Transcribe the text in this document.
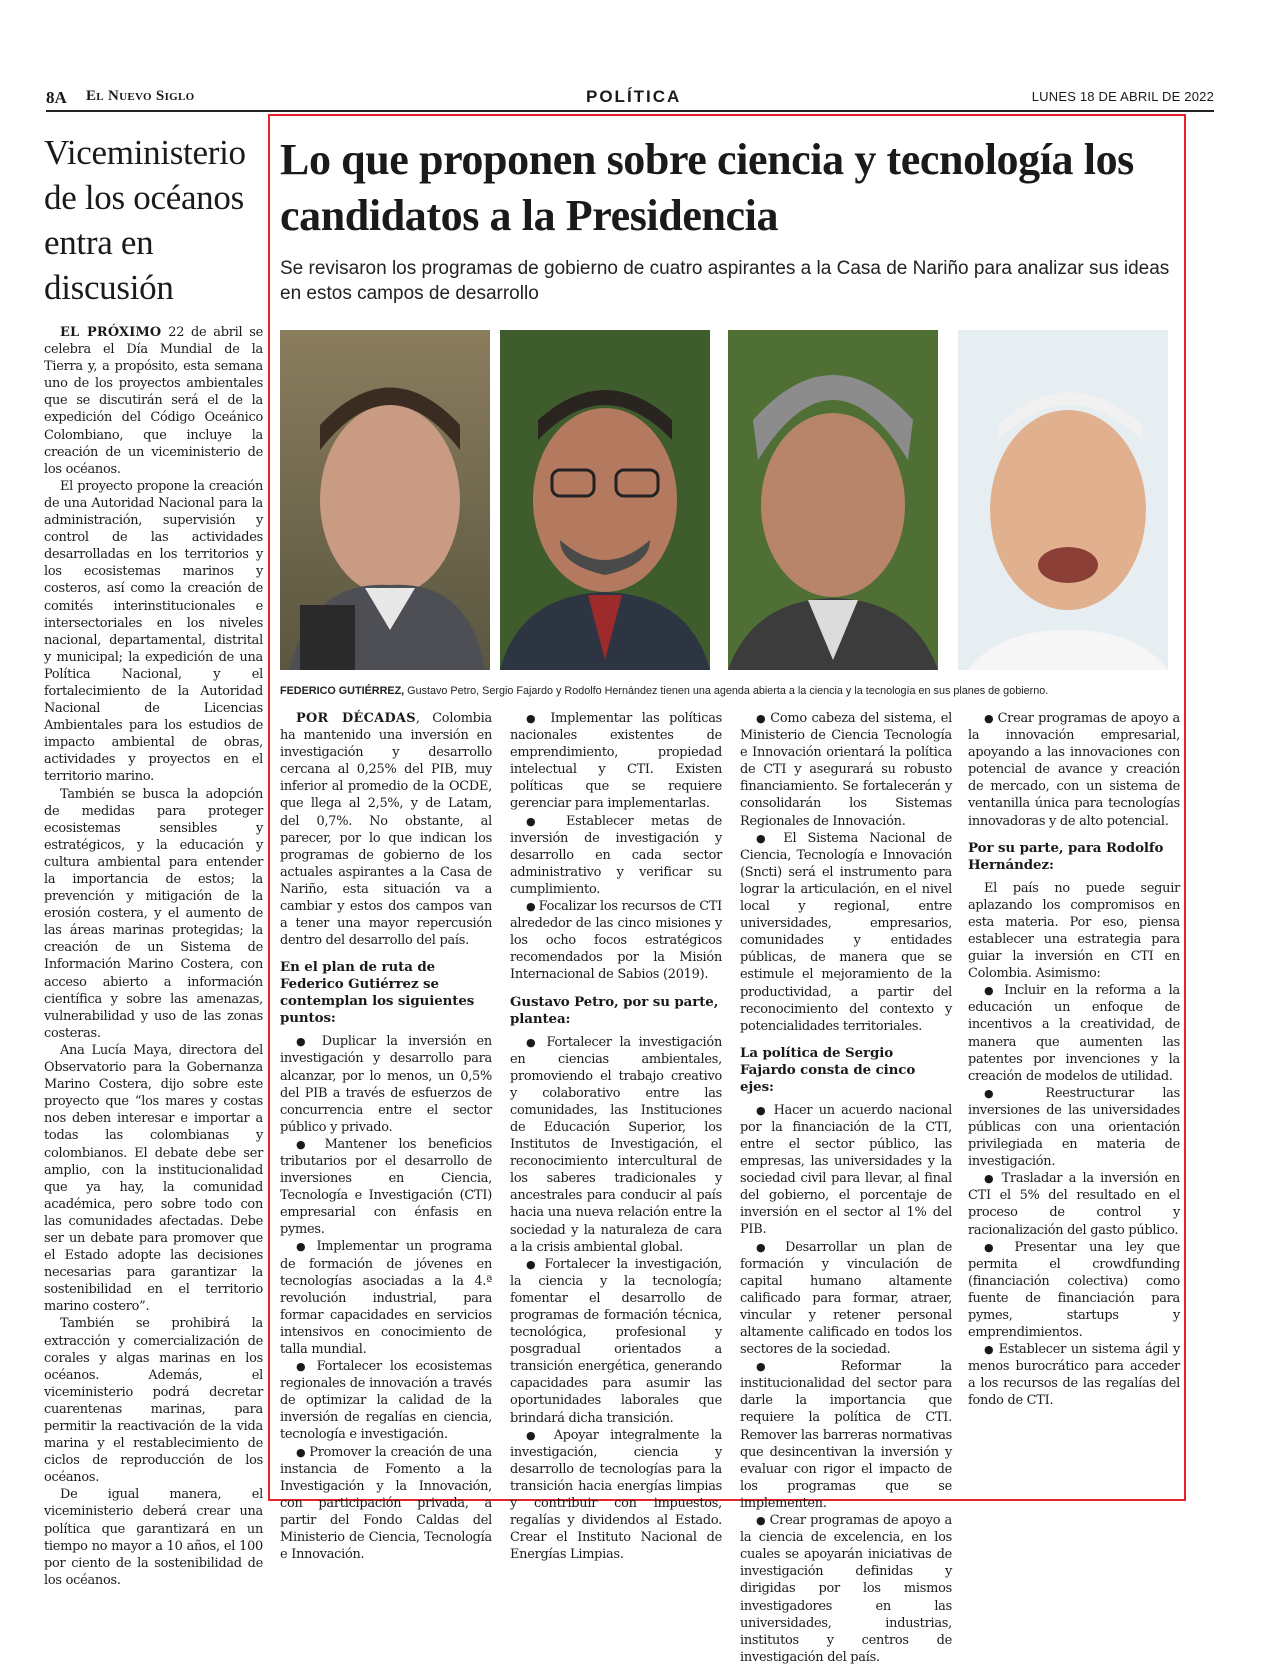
8A El Nuevo Siglo	POLÍTICA	LUNES 18 DE ABRIL DE 2022
Viceministerio de los océanos entra en discusión

EL PRÓXIMO 22 de abril se celebra el Día Mundial de la Tierra y, a propósito, esta semana uno de los proyectos ambientales que se discutirán será el de la expedición del Código Oceánico Colombiano, que incluye la creación de un viceministerio de los océanos.

El proyecto propone la creación de una Autoridad Nacional para la administración, supervisión y control de las actividades desarrolladas en los territorios y los ecosistemas marinos y costeros, así como la creación de comités interinstitucionales e intersectoriales en los niveles nacional, departamental, distrital y municipal; la expedición de una Política Nacional, y el fortalecimiento de la Autoridad Nacional de Licencias Ambientales para los estudios de impacto ambiental de obras, actividades y proyectos en el territorio marino.

También se busca la adopción de medidas para proteger ecosistemas sensibles y estratégicos, y la educación y cultura ambiental para entender la importancia de estos; la prevención y mitigación de la erosión costera, y el aumento de las áreas marinas protegidas; la creación de un Sistema de Información Marino Costera, con acceso abierto a información científica y sobre las amenazas, vulnerabilidad y uso de las zonas costeras.

Ana Lucía Maya, directora del Observatorio para la Gobernanza Marino Costera, dijo sobre este proyecto que “los mares y costas nos deben interesar e importar a todas las colombianas y colombianos. El debate debe ser amplio, con la institucionalidad que ya hay, la comunidad académica, pero sobre todo con las comunidades afectadas. Debe ser un debate para promover que el Estado adopte las decisiones necesarias para garantizar la sostenibilidad en el territorio marino costero”.

También se prohibirá la extracción y comercialización de corales y algas marinas en los océanos. Además, el viceministerio podrá decretar cuarentenas marinas, para permitir la reactivación de la vida marina y el restablecimiento de ciclos de reproducción de los océanos.

De igual manera, el viceministerio deberá crear una política que garantizará en un tiempo no mayor a 10 años, el 100 por ciento de la sostenibilidad de los océanos.

Lo que proponen sobre ciencia y tecnología los candidatos a la Presidencia

Se revisaron los programas de gobierno de cuatro aspirantes a la Casa de Nariño para analizar sus ideas en estos campos de desarrollo

FEDERICO GUTIÉRREZ, Gustavo Petro, Sergio Fajardo y Rodolfo Hernández tienen una agenda abierta a la ciencia y la tecnología en sus planes de gobierno.

POR DÉCADAS, Colombia ha mantenido una inversión en investigación y desarrollo cercana al 0,25% del PIB, muy inferior al promedio de la OCDE, que llega al 2,5%, y de Latam, del 0,7%. No obstante, al parecer, por lo que indican los programas de gobierno de los actuales aspirantes a la Casa de Nariño, esta situación va a cambiar y estos dos campos van a tener una mayor repercusión dentro del desarrollo del país.

En el plan de ruta de Federico Gutiérrez se contemplan los siguientes puntos:

● Duplicar la inversión en investigación y desarrollo para alcanzar, por lo menos, un 0,5% del PIB a través de esfuerzos de concurrencia entre el sector público y privado.

● Mantener los beneficios tributarios por el desarrollo de inversiones en Ciencia, Tecnología e Investigación (CTI) empresarial con énfasis en pymes.

● Implementar un programa de formación de jóvenes en tecnologías asociadas a la 4.ª revolución industrial, para formar capacidades en servicios intensivos en conocimiento de talla mundial.

● Fortalecer los ecosistemas regionales de innovación a través de optimizar la calidad de la inversión de regalías en ciencia, tecnología e investigación.

● Promover la creación de una instancia de Fomento a la Investigación y la Innovación, con participación privada, a partir del Fondo Caldas del Ministerio de Ciencia, Tecnología e Innovación.

● Implementar las políticas nacionales existentes de emprendimiento, propiedad intelectual y CTI. Existen políticas que se requiere gerenciar para implementarlas.

● Establecer metas de inversión de investigación y desarrollo en cada sector administrativo y verificar su cumplimiento.

● Focalizar los recursos de CTI alrededor de las cinco misiones y los ocho focos estratégicos recomendados por la Misión Internacional de Sabios (2019).

Gustavo Petro, por su parte, plantea:

● Fortalecer la investigación en ciencias ambientales, promoviendo el trabajo creativo y colaborativo entre las comunidades, las Instituciones de Educación Superior, los Institutos de Investigación, el reconocimiento intercultural de los saberes tradicionales y ancestrales para conducir al país hacia una nueva relación entre la sociedad y la naturaleza de cara a la crisis ambiental global.

● Fortalecer la investigación, la ciencia y la tecnología; fomentar el desarrollo de programas de formación técnica, tecnológica, profesional y posgradual orientados a transición energética, generando capacidades para asumir las oportunidades laborales que brindará dicha transición.

● Apoyar integralmente la investigación, ciencia y desarrollo de tecnologías para la transición hacia energías limpias y contribuir con impuestos, regalías y dividendos al Estado. Crear el Instituto Nacional de Energías Limpias.

● Como cabeza del sistema, el Ministerio de Ciencia Tecnología e Innovación orientará la política de CTI y asegurará su robusto financiamiento. Se fortalecerán y consolidarán los Sistemas Regionales de Innovación.

● El Sistema Nacional de Ciencia, Tecnología e Innovación (Sncti) será el instrumento para lograr la articulación, en el nivel local y regional, entre universidades, empresarios, comunidades y entidades públicas, de manera que se estimule el mejoramiento de la productividad, a partir del reconocimiento del contexto y potencialidades territoriales.

La política de Sergio Fajardo consta de cinco ejes:

● Hacer un acuerdo nacional por la financiación de la CTI, entre el sector público, las empresas, las universidades y la sociedad civil para llevar, al final del gobierno, el porcentaje de inversión en el sector al 1% del PIB.

● Desarrollar un plan de formación y vinculación de capital humano altamente calificado para formar, atraer, vincular y retener personal altamente calificado en todos los sectores de la sociedad.

● Reformar la institucionalidad del sector para darle la importancia que requiere la política de CTI. Remover las barreras normativas que desincentivan la inversión y evaluar con rigor el impacto de los programas que se implementen.

● Crear programas de apoyo a la ciencia de excelencia, en los cuales se apoyarán iniciativas de investigación definidas y dirigidas por los mismos investigadores en las universidades, industrias, institutos y centros de investigación del país.

● Crear programas de apoyo a la innovación empresarial, apoyando a las innovaciones con potencial de avance y creación de mercado, con un sistema de ventanilla única para tecnologías innovadoras y de alto potencial.

Por su parte, para Rodolfo Hernández:

El país no puede seguir aplazando los compromisos en esta materia. Por eso, piensa establecer una estrategia para guiar la inversión en CTI en Colombia. Asimismo:

● Incluir en la reforma a la educación un enfoque de incentivos a la creatividad, de manera que aumenten las patentes por invenciones y la creación de modelos de utilidad.

● Reestructurar las inversiones de las universidades públicas con una orientación privilegiada en materia de investigación.

● Trasladar a la inversión en CTI el 5% del resultado en el proceso de control y racionalización del gasto público.

● Presentar una ley que permita el crowdfunding (financiación colectiva) como fuente de financiación para pymes, startups y emprendimientos.

● Establecer un sistema ágil y menos burocrático para acceder a los recursos de las regalías del fondo de CTI.
